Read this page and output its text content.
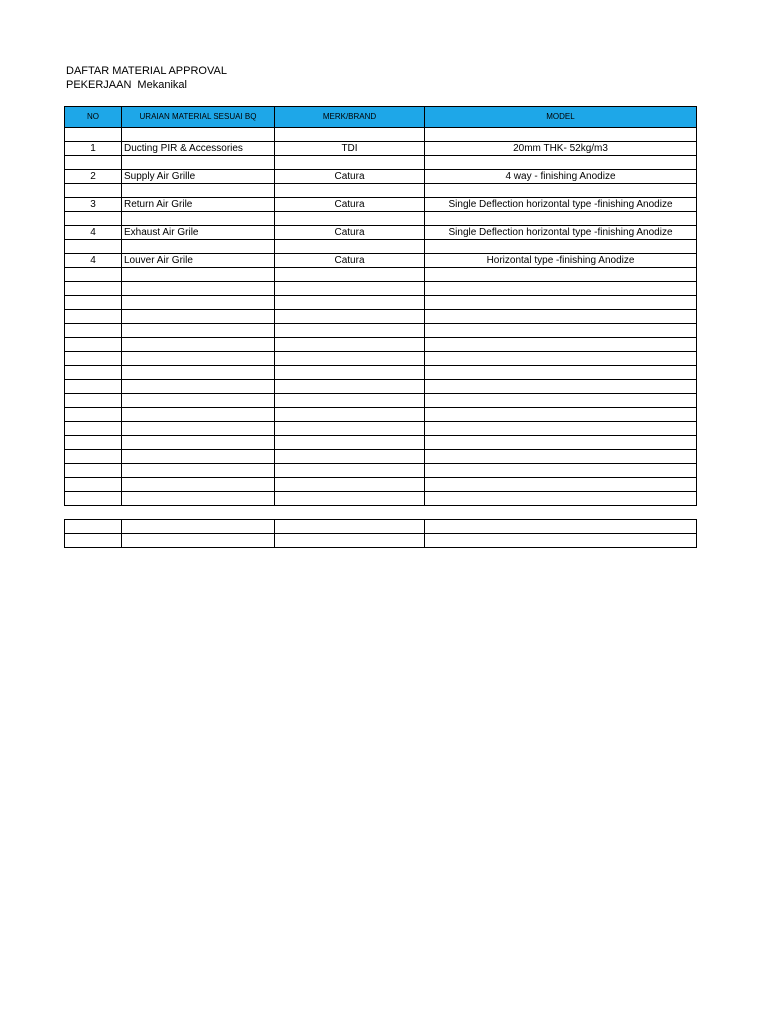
DAFTAR MATERIAL APPROVAL
PEKERJAAN Mekanikal
NO	URAIAN MATERIAL SESUAI BQ	MERK/BRAND	MODEL

1	Ducting PIR & Accessories	TDI	20mm THK- 52kg/m3

2	Supply Air Grille	Catura	4 way - finishing Anodize

3	Return Air Grile	Catura	Single Deflection horizontal type -finishing Anodize

4	Exhaust Air Grile	Catura	Single Deflection horizontal type -finishing Anodize

4	Louver Air Grile	Catura	Horizontal type -finishing Anodize
